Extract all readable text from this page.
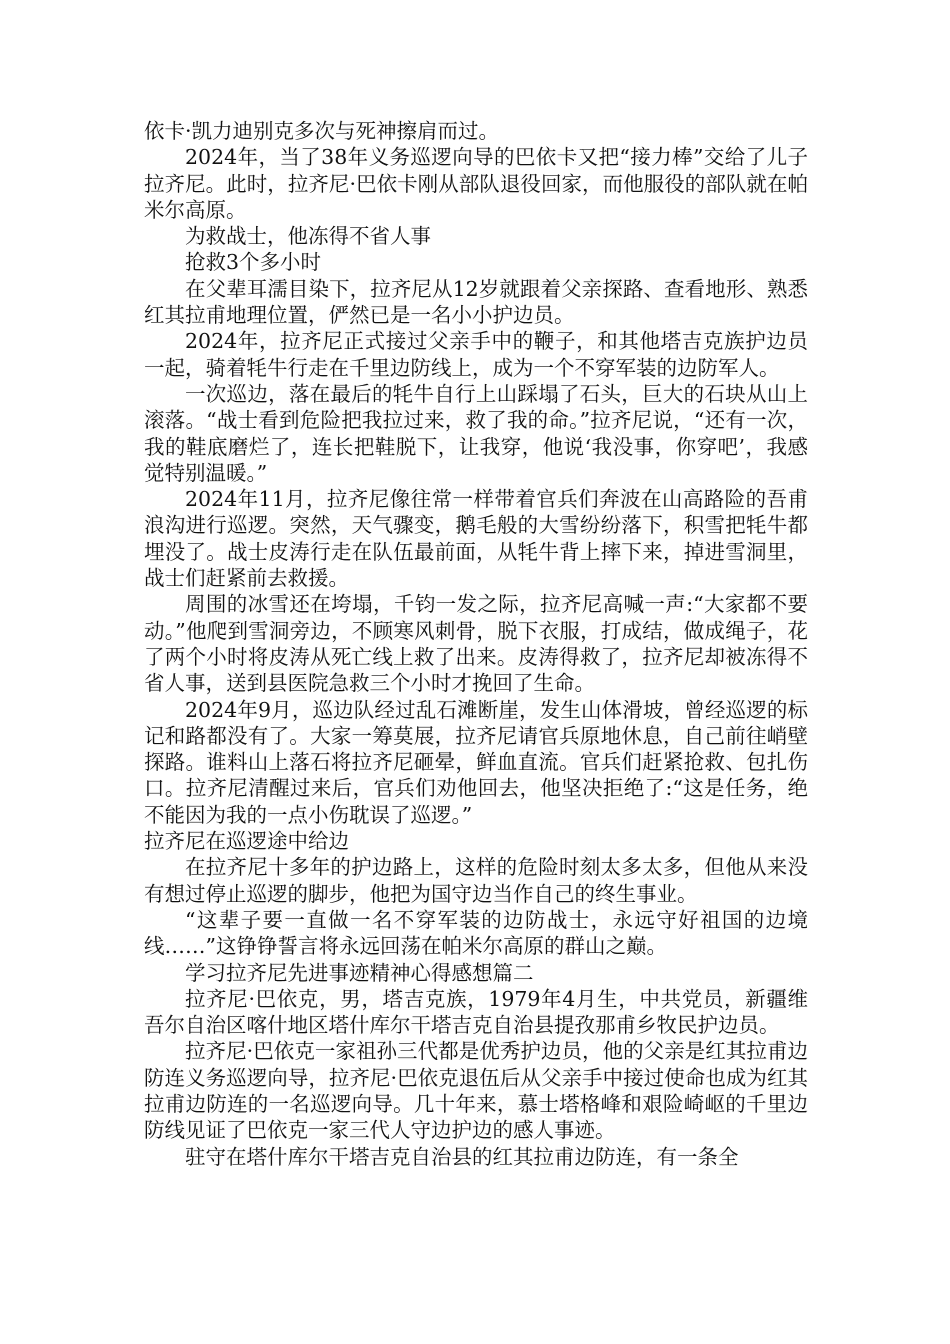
依卡·凯力迪别克多次与死神擦肩而过。

2024年，当了38年义务巡逻向导的巴依卡又把“接力棒”交给了儿子拉齐尼。此时，拉齐尼·巴依卡刚从部队退役回家，而他服役的部队就在帕米尔高原。

为救战士，他冻得不省人事

抢救3个多小时

在父辈耳濡目染下，拉齐尼从12岁就跟着父亲探路、查看地形、熟悉红其拉甫地理位置，俨然已是一名小小护边员。

2024年，拉齐尼正式接过父亲手中的鞭子，和其他塔吉克族护边员一起，骑着牦牛行走在千里边防线上，成为一个不穿军装的边防军人。

一次巡边，落在最后的牦牛自行上山踩塌了石头，巨大的石块从山上滚落。“战士看到危险把我拉过来，救了我的命。”拉齐尼说，“还有一次，我的鞋底磨烂了，连长把鞋脱下，让我穿，他说‘我没事，你穿吧’，我感觉特别温暖。”

2024年11月，拉齐尼像往常一样带着官兵们奔波在山高路险的吾甫浪沟进行巡逻。突然，天气骤变，鹅毛般的大雪纷纷落下，积雪把牦牛都埋没了。战士皮涛行走在队伍最前面，从牦牛背上摔下来，掉进雪洞里，战士们赶紧前去救援。

周围的冰雪还在垮塌，千钧一发之际，拉齐尼高喊一声:“大家都不要动。”他爬到雪洞旁边，不顾寒风刺骨，脱下衣服，打成结，做成绳子，花了两个小时将皮涛从死亡线上救了出来。皮涛得救了，拉齐尼却被冻得不省人事，送到县医院急救三个小时才挽回了生命。

2024年9月，巡边队经过乱石滩断崖，发生山体滑坡，曾经巡逻的标记和路都没有了。大家一筹莫展，拉齐尼请官兵原地休息，自己前往峭壁探路。谁料山上落石将拉齐尼砸晕，鲜血直流。官兵们赶紧抢救、包扎伤口。拉齐尼清醒过来后，官兵们劝他回去，他坚决拒绝了:“这是任务，绝不能因为我的一点小伤耽误了巡逻。”

拉齐尼在巡逻途中给边

在拉齐尼十多年的护边路上，这样的危险时刻太多太多，但他从来没有想过停止巡逻的脚步，他把为国守边当作自己的终生事业。

“这辈子要一直做一名不穿军装的边防战士，永远守好祖国的边境线……”这铮铮誓言将永远回荡在帕米尔高原的群山之巅。

学习拉齐尼先进事迹精神心得感想篇二

拉齐尼·巴依克，男，塔吉克族，1979年4月生，中共党员，新疆维吾尔自治区喀什地区塔什库尔干塔吉克自治县提孜那甫乡牧民护边员。

拉齐尼·巴依克一家祖孙三代都是优秀护边员，他的父亲是红其拉甫边防连义务巡逻向导，拉齐尼·巴依克退伍后从父亲手中接过使命也成为红其拉甫边防连的一名巡逻向导。几十年来，慕士塔格峰和艰险崎岖的千里边防线见证了巴依克一家三代人守边护边的感人事迹。

驻守在塔什库尔干塔吉克自治县的红其拉甫边防连，有一条全
